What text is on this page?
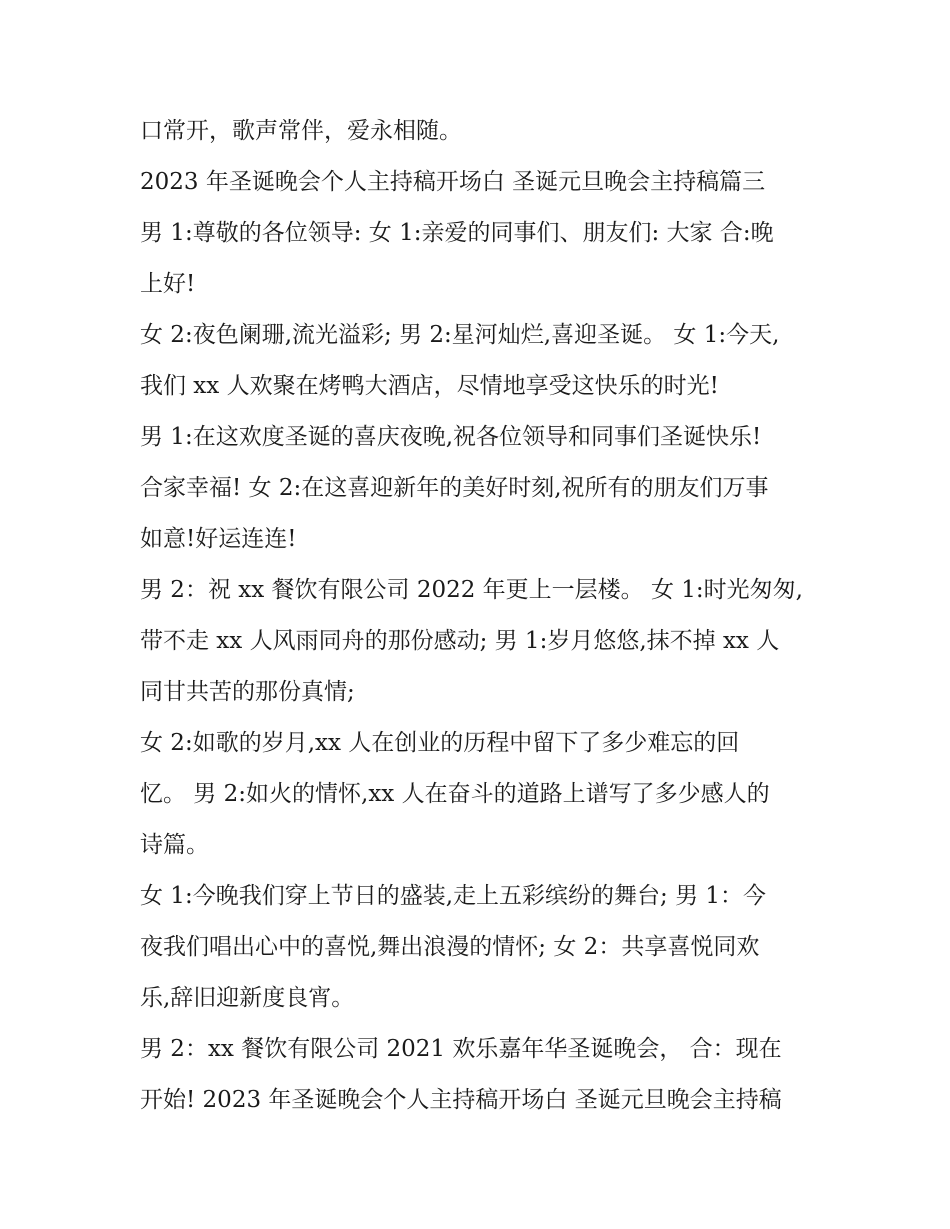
口常开，歌声常伴，爱永相随。
2023 年圣诞晚会个人主持稿开场白 圣诞元旦晚会主持稿篇三
男 1:尊敬的各位领导: 女 1:亲爱的同事们、朋友们: 大家 合:晚
上好!
女 2:夜色阑珊,流光溢彩; 男 2:星河灿烂,喜迎圣诞。 女 1:今天,
我们 xx 人欢聚在烤鸭大酒店，尽情地享受这快乐的时光!
男 1:在这欢度圣诞的喜庆夜晚,祝各位领导和同事们圣诞快乐!
合家幸福! 女 2:在这喜迎新年的美好时刻,祝所有的朋友们万事
如意!好运连连!
男 2：祝 xx 餐饮有限公司 2022 年更上一层楼。 女 1:时光匆匆,
带不走 xx 人风雨同舟的那份感动; 男 1:岁月悠悠,抹不掉 xx 人
同甘共苦的那份真情;
女 2:如歌的岁月,xx 人在创业的历程中留下了多少难忘的回
忆。 男 2:如火的情怀,xx 人在奋斗的道路上谱写了多少感人的
诗篇。
女 1:今晚我们穿上节日的盛装,走上五彩缤纷的舞台; 男 1：今
夜我们唱出心中的喜悦,舞出浪漫的情怀; 女 2：共享喜悦同欢
乐,辞旧迎新度良宵。
男 2：xx 餐饮有限公司 2021 欢乐嘉年华圣诞晚会， 合：现在
开始! 2023 年圣诞晚会个人主持稿开场白 圣诞元旦晚会主持稿
